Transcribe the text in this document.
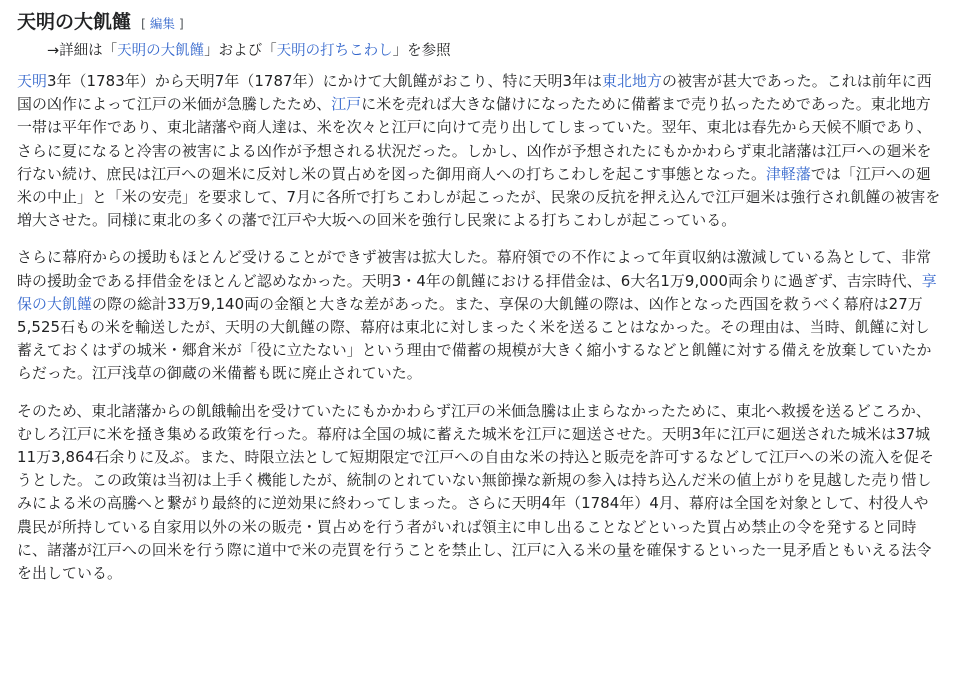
天明の大飢饉 [ 編集 ]
→詳細は「天明の大飢饉」および「天明の打ちこわし」を参照

天明3年（1783年）から天明7年（1787年）にかけて大飢饉がおこり、特に天明3年は東北地方の被害が甚大であった。これは前年に西国の凶作によって江戸の米価が急騰したため、江戸に米を売れば大きな儲けになったために備蓄まで売り払ったためであった。東北地方一帯は平年作であり、東北諸藩や商人達は、米を次々と江戸に向けて売り出してしまっていた。翌年、東北は春先から天候不順であり、さらに夏になると冷害の被害による凶作が予想される状況だった。しかし、凶作が予想されたにもかかわらず東北諸藩は江戸への廻米を行ない続け、庶民は江戸への廻米に反対し米の買占めを図った御用商人への打ちこわしを起こす事態となった。津軽藩では「江戸への廻米の中止」と「米の安売」を要求して、7月に各所で打ちこわしが起こったが、民衆の反抗を押え込んで江戸廻米は強行され飢饉の被害を増大させた。同様に東北の多くの藩で江戸や大坂への回米を強行し民衆による打ちこわしが起こっている。

さらに幕府からの援助もほとんど受けることができず被害は拡大した。幕府領での不作によって年貢収納は激減している為として、非常時の援助金である拝借金をほとんど認めなかった。天明3・4年の飢饉における拝借金は、6大名1万9,000両余りに過ぎず、吉宗時代、享保の大飢饉の際の総計33万9,140両の金額と大きな差があった。また、享保の大飢饉の際は、凶作となった西国を救うべく幕府は27万5,525石もの米を輸送したが、天明の大飢饉の際、幕府は東北に対しまったく米を送ることはなかった。その理由は、当時、飢饉に対し蓄えておくはずの城米・郷倉米が「役に立たない」という理由で備蓄の規模が大きく縮小するなどと飢饉に対する備えを放棄していたからだった。江戸浅草の御蔵の米備蓄も既に廃止されていた。

そのため、東北諸藩からの飢餓輸出を受けていたにもかかわらず江戸の米価急騰は止まらなかったために、東北へ救援を送るどころか、むしろ江戸に米を掻き集める政策を行った。幕府は全国の城に蓄えた城米を江戸に廻送させた。天明3年に江戸に廻送された城米は37城11万3,864石余りに及ぶ。また、時限立法として短期限定で江戸への自由な米の持込と販売を許可するなどして江戸への米の流入を促そうとした。この政策は当初は上手く機能したが、統制のとれていない無節操な新規の参入は持ち込んだ米の値上がりを見越した売り惜しみによる米の高騰へと繋がり最終的に逆効果に終わってしまった。さらに天明4年（1784年）4月、幕府は全国を対象として、村役人や農民が所持している自家用以外の米の販売・買占めを行う者がいれば領主に申し出ることなどといった買占め禁止の令を発すると同時に、諸藩が江戸への回米を行う際に道中で米の売買を行うことを禁止し、江戸に入る米の量を確保するといった一見矛盾ともいえる法令を出している。
